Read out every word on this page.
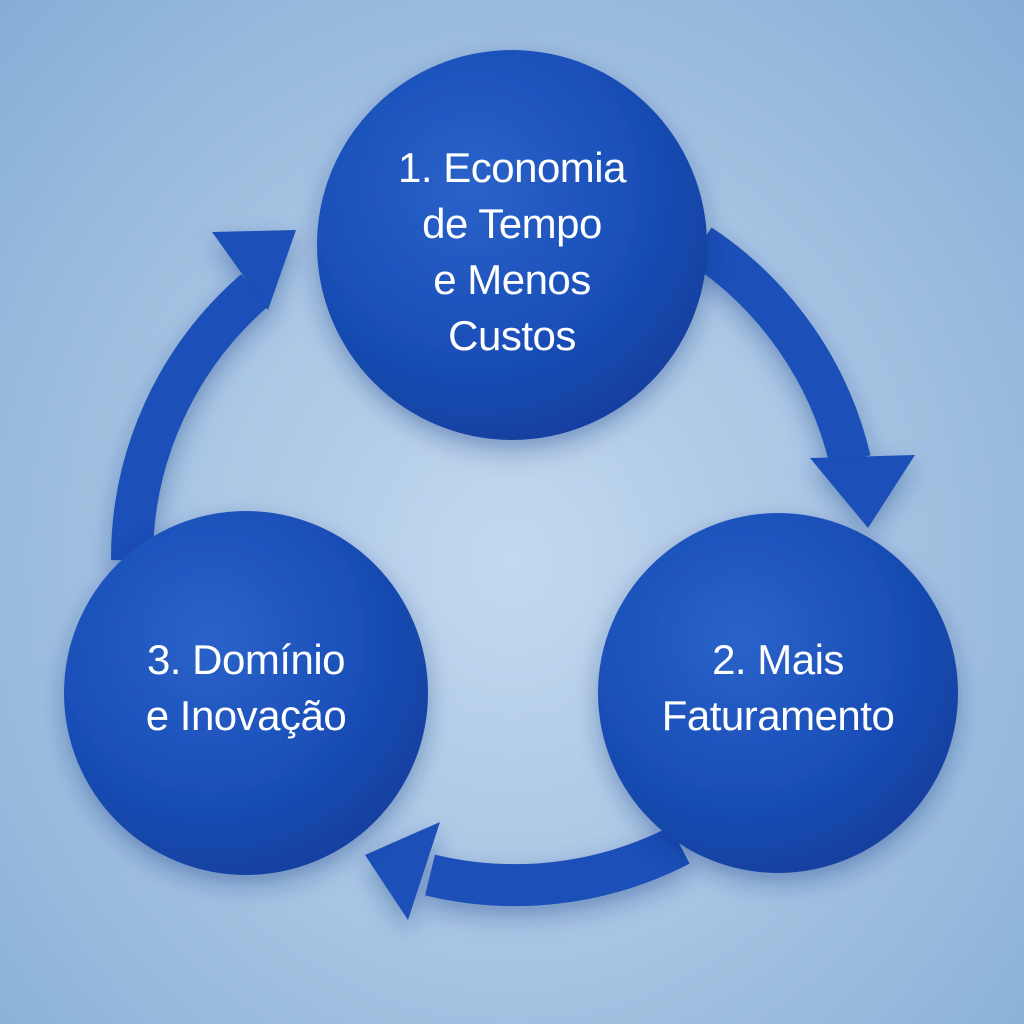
1. Economia
de Tempo
e Menos
Custos
2. Mais
Faturamento
3. Domínio
e Inovação
